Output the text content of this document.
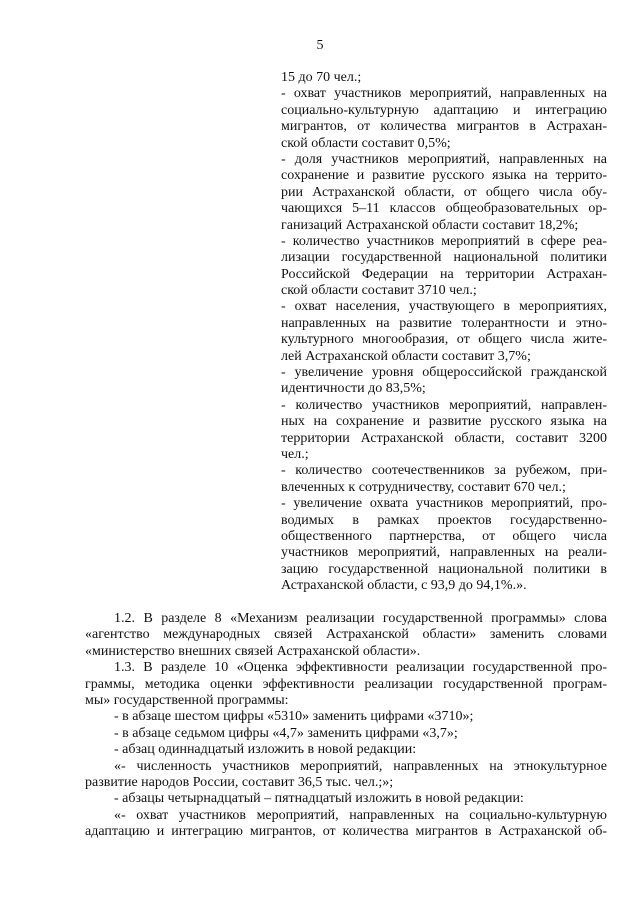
5
15 до 70 чел.;
- охват участников мероприятий, направленных на
социально-культурную адаптацию и интеграцию
мигрантов, от количества мигрантов в Астрахан-
ской области составит 0,5%;
- доля участников мероприятий, направленных на
сохранение и развитие русского языка на террито-
рии Астраханской области, от общего числа обу-
чающихся 5–11 классов общеобразовательных ор-
ганизаций Астраханской области составит 18,2%;
- количество участников мероприятий в сфере реа-
лизации государственной национальной политики
Российской Федерации на территории Астрахан-
ской области составит 3710 чел.;
- охват населения, участвующего в мероприятиях,
направленных на развитие толерантности и этно-
культурного многообразия, от общего числа жите-
лей Астраханской области составит 3,7%;
- увеличение уровня общероссийской гражданской
идентичности до 83,5%;
- количество участников мероприятий, направлен-
ных на сохранение и развитие русского языка на
территории Астраханской области, составит 3200
чел.;
- количество соотечественников за рубежом, при-
влеченных к сотрудничеству, составит 670 чел.;
- увеличение охвата участников мероприятий, про-
водимых в рамках проектов государственно-
общественного партнерства, от общего числа
участников мероприятий, направленных на реали-
зацию государственной национальной политики в
Астраханской области, с 93,9 до 94,1%.».
1.2. В разделе 8 «Механизм реализации государственной программы» слова
«агентство международных связей Астраханской области» заменить словами
«министерство внешних связей Астраханской области».
1.3. В разделе 10 «Оценка эффективности реализации государственной про-
граммы, методика оценки эффективности реализации государственной програм-
мы» государственной программы:
- в абзаце шестом цифры «5310» заменить цифрами «3710»;
- в абзаце седьмом цифры «4,7» заменить цифрами «3,7»;
- абзац одиннадцатый изложить в новой редакции:
«- численность участников мероприятий, направленных на этнокультурное
развитие народов России, составит 36,5 тыс. чел.;»;
- абзацы четырнадцатый – пятнадцатый изложить в новой редакции:
«- охват участников мероприятий, направленных на социально-культурную
адаптацию и интеграцию мигрантов, от количества мигрантов в Астраханской об-
